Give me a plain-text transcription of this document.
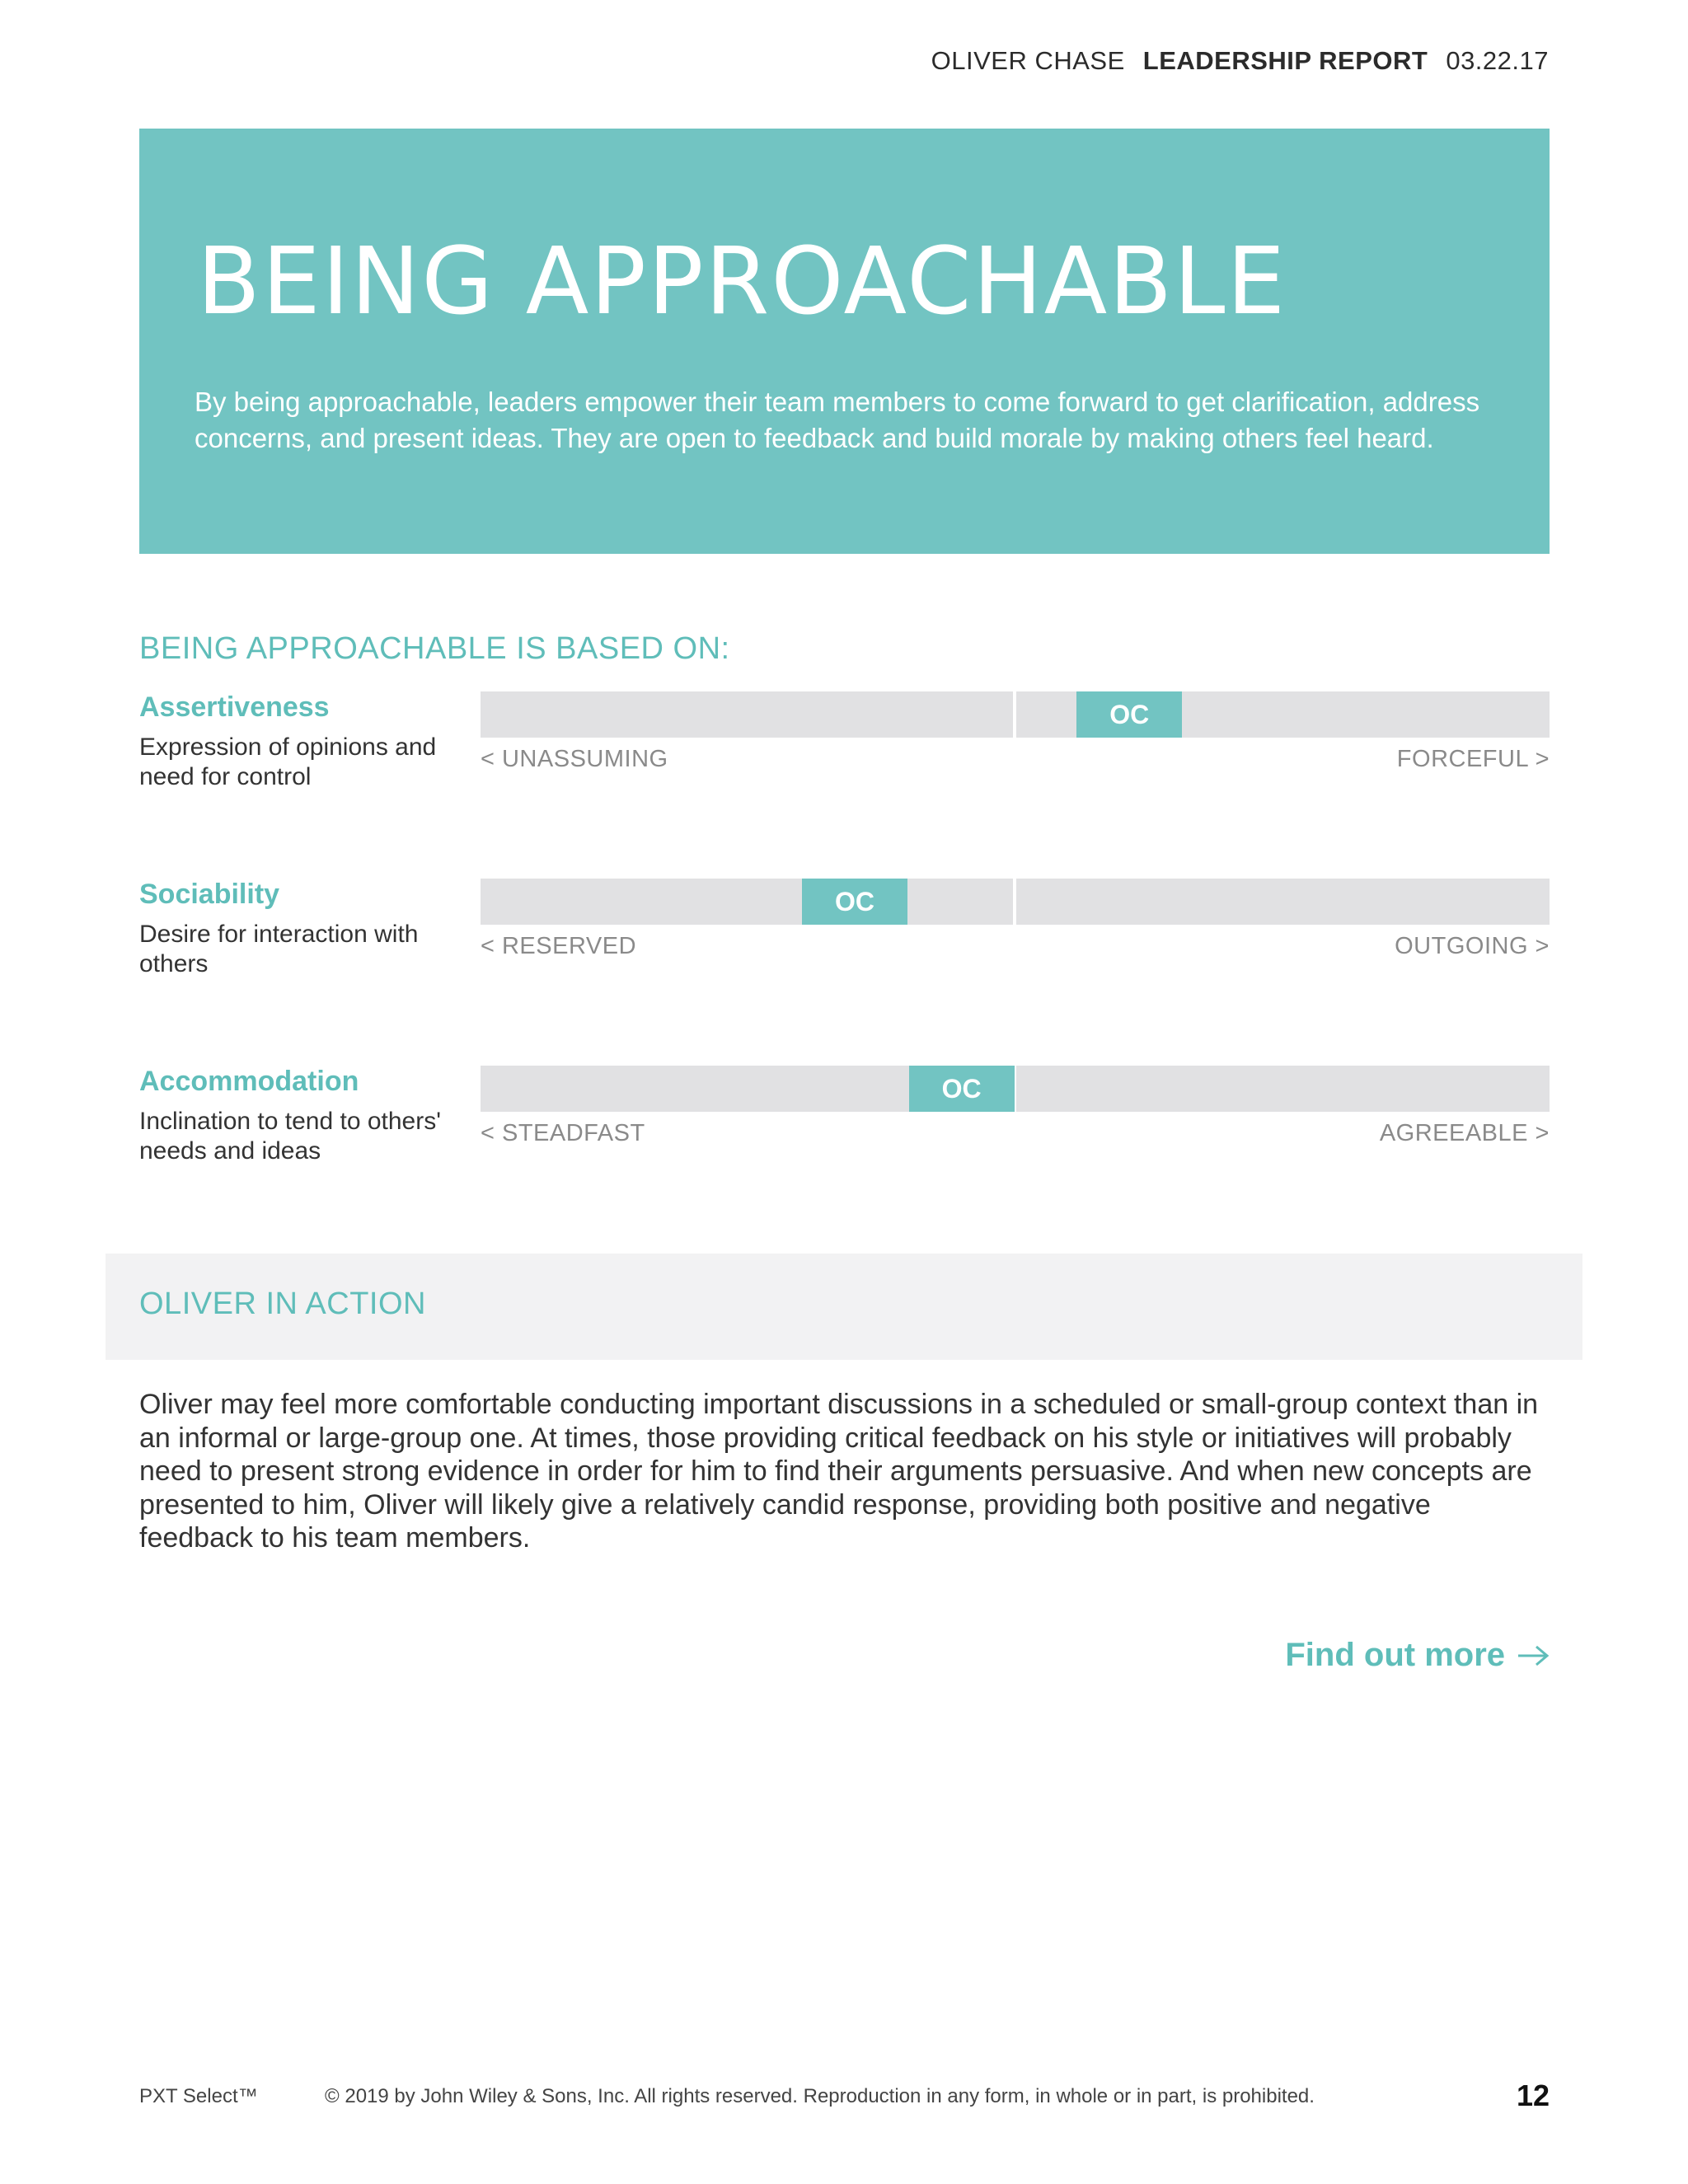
OLIVER CHASE LEADERSHIP REPORT 03.22.17
BEING APPROACHABLE

By being approachable, leaders empower their team members to come forward to get clarification, address concerns, and present ideas. They are open to feedback and build morale by making others feel heard.

BEING APPROACHABLE IS BASED ON:
Assertiveness
Expression of opinions and need for control
OC
< UNASSUMING	FORCEFUL >
Sociability
Desire for interaction with others
OC
< RESERVED	OUTGOING >
Accommodation
Inclination to tend to others' needs and ideas
OC
< STEADFAST	AGREEABLE >
OLIVER IN ACTION

Oliver may feel more comfortable conducting important discussions in a scheduled or small-group context than in an informal or large-group one. At times, those providing critical feedback on his style or initiatives will probably need to present strong evidence in order for him to find their arguments persuasive. And when new concepts are presented to him, Oliver will likely give a relatively candid response, providing both positive and negative feedback to his team members.

Find out more
PXT Select™	© 2019 by John Wiley & Sons, Inc. All rights reserved. Reproduction in any form, in whole or in part, is prohibited.	12
